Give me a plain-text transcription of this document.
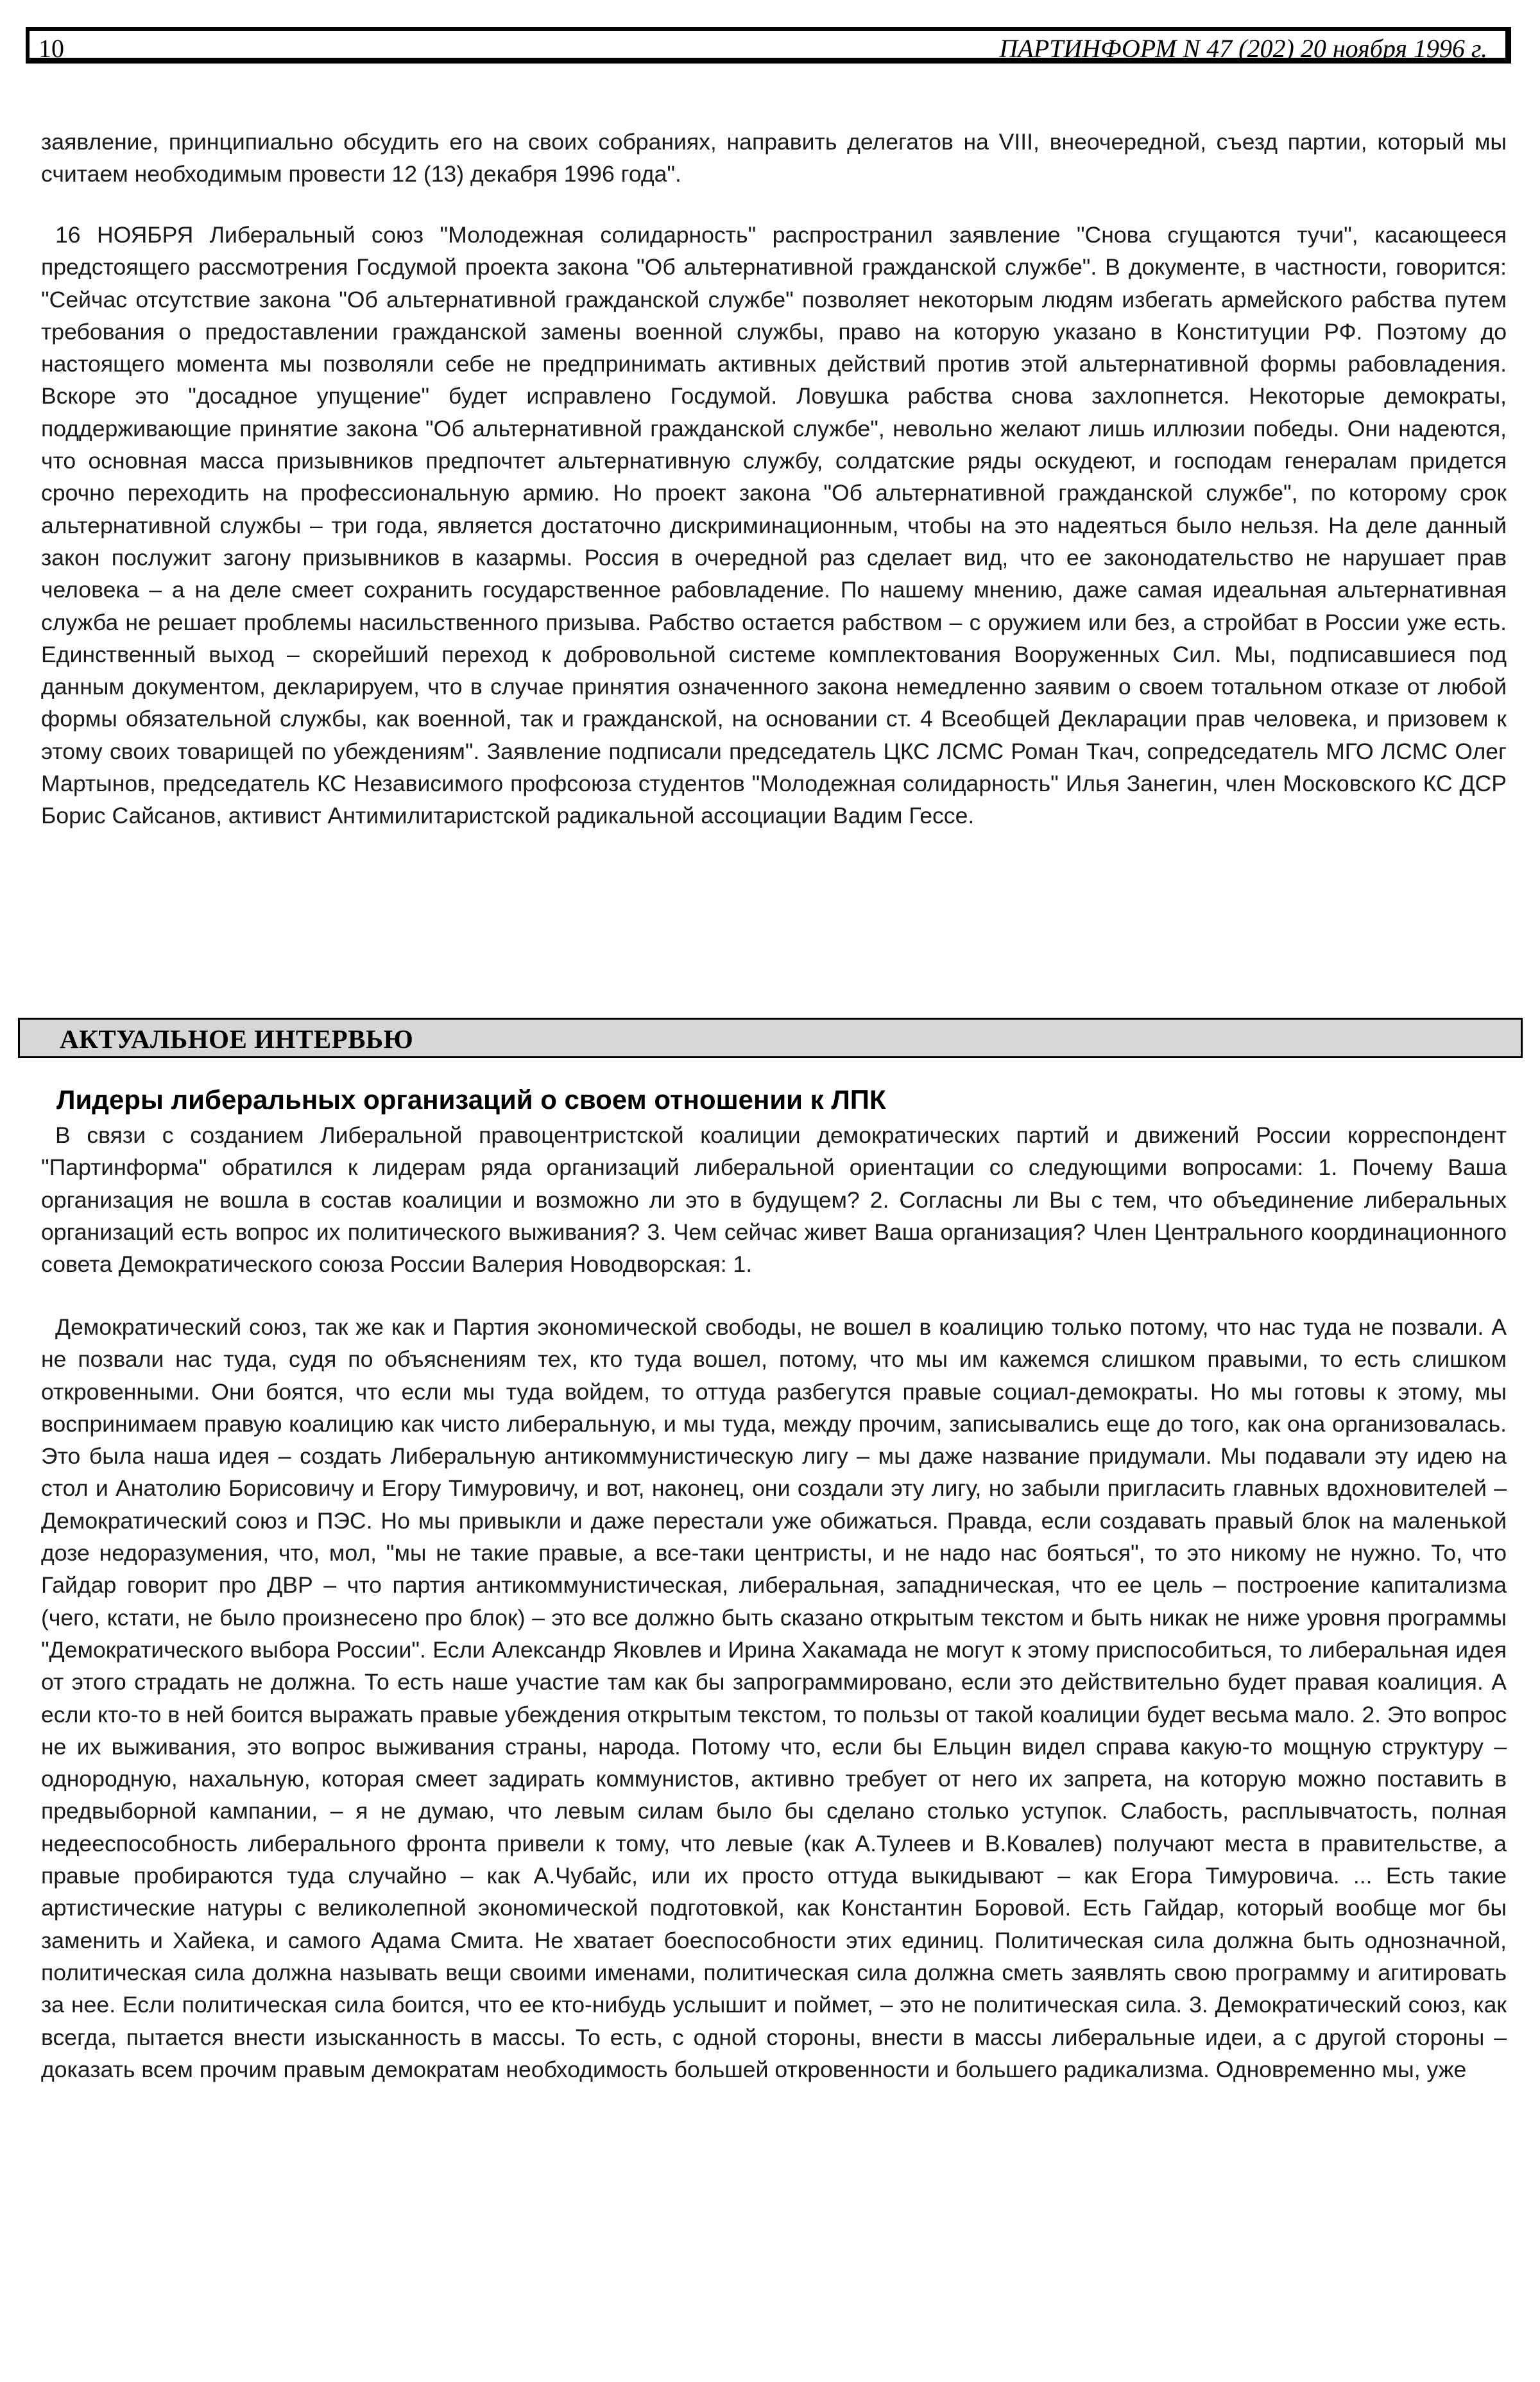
10	ПАРТИНФОРМ N 47 (202) 20 ноября 1996 г.

заявление, принципиально обсудить его на своих собраниях, направить делегатов на VIII, внеочередной, съезд партии, который мы считаем необходимым провести 12 (13) декабря 1996 года".

16 НОЯБРЯ Либеральный союз "Молодежная солидарность" распространил заявление "Снова сгущаются тучи", касающееся предстоящего рассмотрения Госдумой проекта закона "Об альтернативной гражданской службе". В документе, в частности, говорится: "Сейчас отсутствие закона "Об альтернативной гражданской службе" позволяет некоторым людям избегать армейского рабства путем требования о предоставлении гражданской замены военной службы, право на которую указано в Конституции РФ. Поэтому до настоящего момента мы позволяли себе не предпринимать активных действий против этой альтернативной формы рабовладения. Вскоре это "досадное упущение" будет исправлено Госдумой. Ловушка рабства снова захлопнется. Некоторые демократы, поддерживающие принятие закона "Об альтернативной гражданской службе", невольно желают лишь иллюзии победы. Они надеются, что основная масса призывников предпочтет альтернативную службу, солдатские ряды оскудеют, и господам генералам придется срочно переходить на профессиональную армию. Но проект закона "Об альтернативной гражданской службе", по которому срок альтернативной службы – три года, является достаточно дискриминационным, чтобы на это надеяться было нельзя. На деле данный закон послужит загону призывников в казармы. Россия в очередной раз сделает вид, что ее законодательство не нарушает прав человека – а на деле смеет сохранить государственное рабовладение. По нашему мнению, даже самая идеальная альтернативная служба не решает проблемы насильственного призыва. Рабство остается рабством – с оружием или без, а стройбат в России уже есть. Единственный выход – скорейший переход к добровольной системе комплектования Вооруженных Сил. Мы, подписавшиеся под данным документом, декларируем, что в случае принятия означенного закона немедленно заявим о своем тотальном отказе от любой формы обязательной службы, как военной, так и гражданской, на основании ст. 4 Всеобщей Декларации прав человека, и призовем к этому своих товарищей по убеждениям". Заявление подписали председатель ЦКС ЛСМС Роман Ткач, сопредседатель МГО ЛСМС Олег Мартынов, председатель КС Независимого профсоюза студентов "Молодежная солидарность" Илья Занегин, член Московского КС ДСР Борис Сайсанов, активист Антимилитаристской радикальной ассоциации Вадим Гессе.

АКТУАЛЬНОЕ ИНТЕРВЬЮ
Лидеры либеральных организаций о своем отношении к ЛПК

В связи с созданием Либеральной правоцентристской коалиции демократических партий и движений России корреспондент "Партинформа" обратился к лидерам ряда организаций либеральной ориентации со следующими вопросами: 1. Почему Ваша организация не вошла в состав коалиции и возможно ли это в будущем? 2. Согласны ли Вы с тем, что объединение либеральных организаций есть вопрос их политического выживания? 3. Чем сейчас живет Ваша организация? Член Центрального координационного совета Демократического союза России Валерия Новодворская: 1.

Демократический союз, так же как и Партия экономической свободы, не вошел в коалицию только потому, что нас туда не позвали. А не позвали нас туда, судя по объяснениям тех, кто туда вошел, потому, что мы им кажемся слишком правыми, то есть слишком откровенными. Они боятся, что если мы туда войдем, то оттуда разбегутся правые социал-демократы. Но мы готовы к этому, мы воспринимаем правую коалицию как чисто либеральную, и мы туда, между прочим, записывались еще до того, как она организовалась. Это была наша идея – создать Либеральную антикоммунистическую лигу – мы даже название придумали. Мы подавали эту идею на стол и Анатолию Борисовичу и Егору Тимуровичу, и вот, наконец, они создали эту лигу, но забыли пригласить главных вдохновителей – Демократический союз и ПЭС. Но мы привыкли и даже перестали уже обижаться. Правда, если создавать правый блок на маленькой дозе недоразумения, что, мол, "мы не такие правые, а все-таки центристы, и не надо нас бояться", то это никому не нужно. То, что Гайдар говорит про ДВР – что партия антикоммунистическая, либеральная, западническая, что ее цель – построение капитализма (чего, кстати, не было произнесено про блок) – это все должно быть сказано открытым текстом и быть никак не ниже уровня программы "Демократического выбора России". Если Александр Яковлев и Ирина Хакамада не могут к этому приспособиться, то либеральная идея от этого страдать не должна. То есть наше участие там как бы запрограммировано, если это действительно будет правая коалиция. А если кто-то в ней боится выражать правые убеждения открытым текстом, то пользы от такой коалиции будет весьма мало. 2. Это вопрос не их выживания, это вопрос выживания страны, народа. Потому что, если бы Ельцин видел справа какую-то мощную структуру – однородную, нахальную, которая смеет задирать коммунистов, активно требует от него их запрета, на которую можно поставить в предвыборной кампании, – я не думаю, что левым силам было бы сделано столько уступок. Слабость, расплывчатость, полная недееспособность либерального фронта привели к тому, что левые (как А.Тулеев и В.Ковалев) получают места в правительстве, а правые пробираются туда случайно – как А.Чубайс, или их просто оттуда выкидывают – как Егора Тимуровича. ... Есть такие артистические натуры с великолепной экономической подготовкой, как Константин Боровой. Есть Гайдар, который вообще мог бы заменить и Хайека, и самого Адама Смита. Не хватает боеспособности этих единиц. Политическая сила должна быть однозначной, политическая сила должна называть вещи своими именами, политическая сила должна сметь заявлять свою программу и агитировать за нее. Если политическая сила боится, что ее кто-нибудь услышит и поймет, – это не политическая сила. 3. Демократический союз, как всегда, пытается внести изысканность в массы. То есть, с одной стороны, внести в массы либеральные идеи, а с другой стороны – доказать всем прочим правым демократам необходимость большей откровенности и большего радикализма. Одновременно мы, уже
